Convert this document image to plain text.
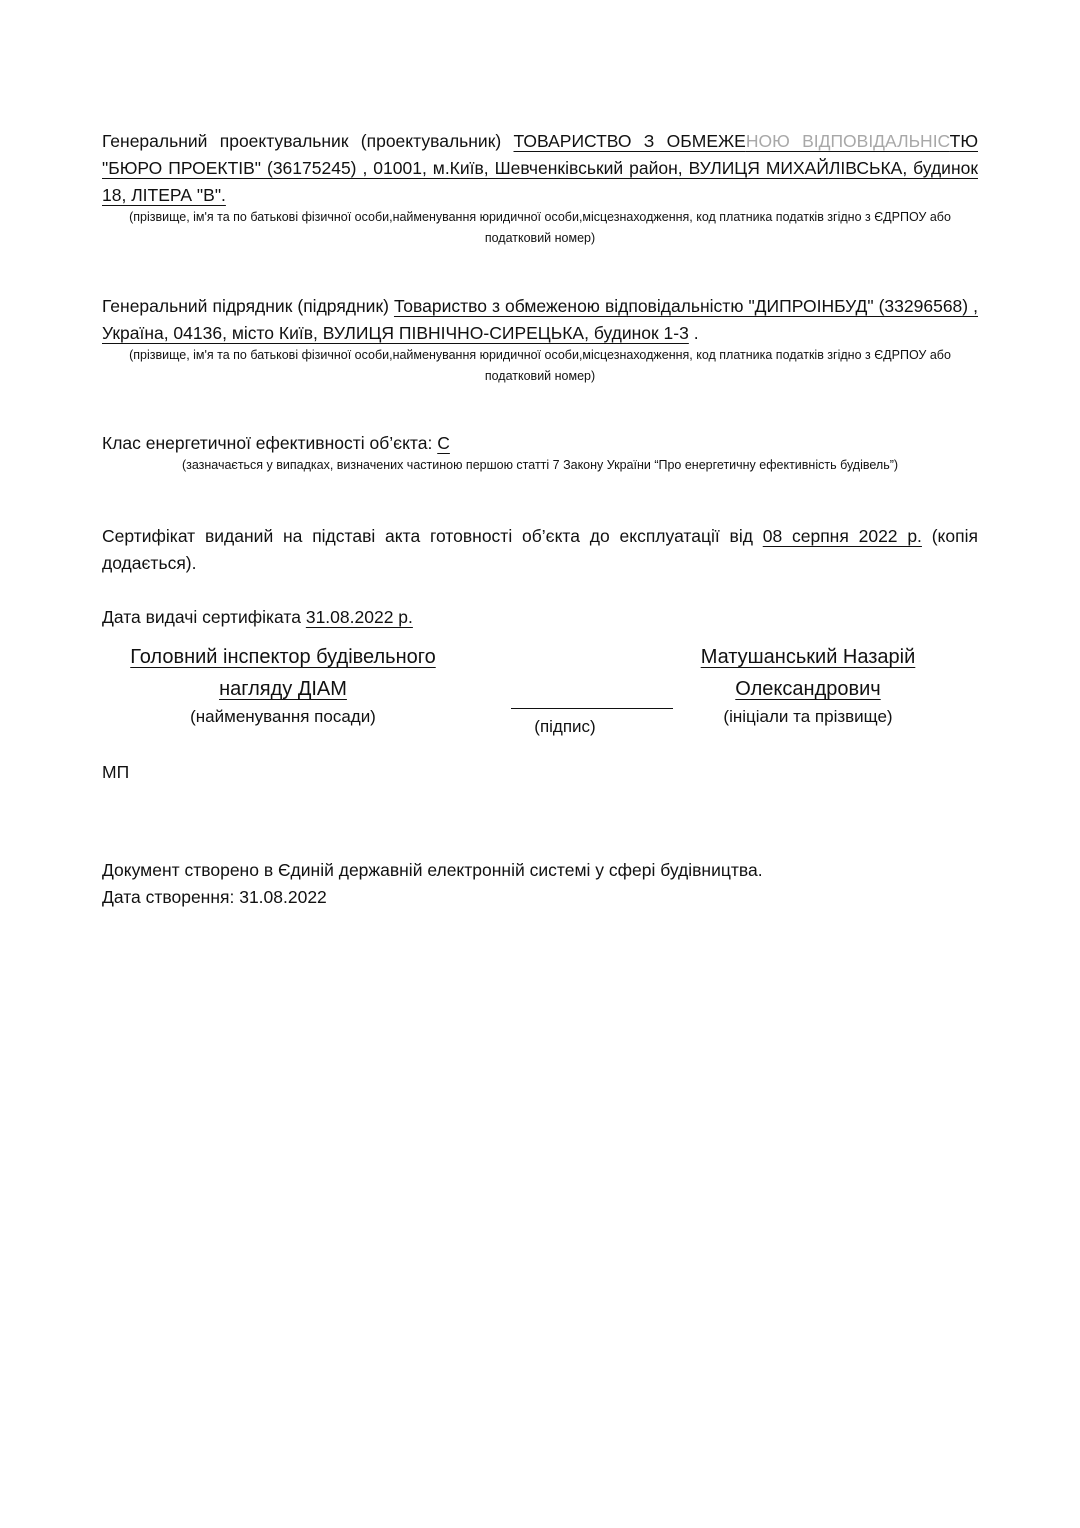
Генеральний проектувальник (проектувальник) ТОВАРИСТВО З ОБМЕЖЕНОЮ ВІДПОВІДАЛЬНІСТЮ "БЮРО ПРОЕКТІВ" (36175245) , 01001, м.Київ, Шевченківський район, ВУЛИЦЯ МИХАЙЛІВСЬКА, будинок 18, ЛІТЕРА "В".
(прізвище, ім'я та по батькові фізичної особи,найменування юридичної особи,місцезнаходження, код платника податків згідно з ЄДРПОУ або податковий номер)
Генеральний підрядник (підрядник) Товариство з обмеженою відповідальністю "ДИПРОІНБУД" (33296568) , Україна, 04136, місто Київ, ВУЛИЦЯ ПІВНІЧНО-СИРЕЦЬКА, будинок 1-3 .
(прізвище, ім'я та по батькові фізичної особи,найменування юридичної особи,місцезнаходження, код платника податків згідно з ЄДРПОУ або податковий номер)
Клас енергетичної ефективності об’єкта: C
(зазначається у випадках, визначених частиною першою статті 7 Закону України “Про енергетичну ефективність будівель”)
Сертифікат виданий на підставі акта готовності об’єкта до експлуатації від 08 серпня 2022 р. (копія додається).
Дата видачі сертифіката 31.08.2022 р.
Головний інспектор будівельного
нагляду ДІАМ
(найменування посади)
(підпис)
Матушанський Назарій
Олександрович
(ініціали та прізвище)
МП
Документ створено в Єдиній державній електронній системі у сфері будівництва.
Дата створення: 31.08.2022
